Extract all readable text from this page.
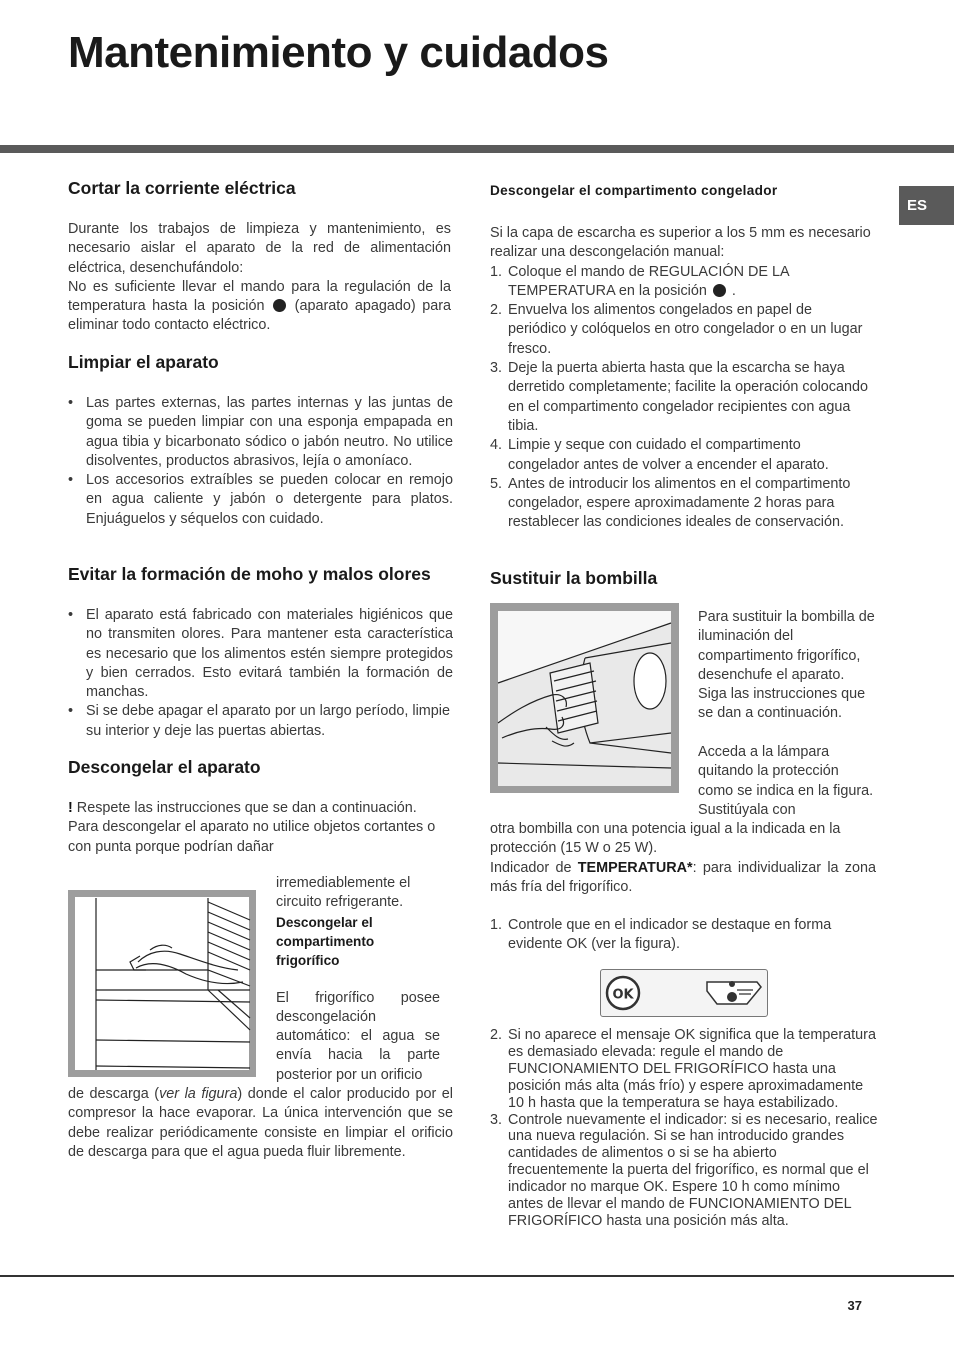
Mantenimiento y cuidados
ES
Cortar la corriente eléctrica

Durante los trabajos de limpieza y mantenimiento, es necesario aislar el aparato de la red de alimentación eléctrica, desenchufándolo:

No es suficiente llevar el mando para la regulación de la temperatura hasta la posición (aparato apagado) para eliminar todo contacto eléctrico.

Limpiar el aparato
• Las partes externas, las partes internas y las juntas de goma se pueden limpiar con una esponja empapada en agua tibia y bicarbonato sódico o jabón neutro. No utilice disolventes, productos abrasivos, lejía o amoníaco.
• Los accesorios extraíbles se pueden colocar en remojo en agua caliente y jabón o detergente para platos. Enjuáguelos y séquelos con cuidado.
Evitar la formación de moho y malos olores
• El aparato está fabricado con materiales higiénicos que no transmiten olores. Para mantener esta característica es necesario que los alimentos estén siempre protegidos y bien cerrados. Esto evitará también la formación de manchas.
• Si se debe apagar el aparato por un largo período, limpie su interior y deje las puertas abiertas.
Descongelar el aparato

! Respete las instrucciones que se dan a continuación.

Para descongelar el aparato no utilice objetos cortantes o con punta porque podrían dañar

irremediablemente el circuito refrigerante.

Descongelar el compartimento frigorífico

El frigorífico posee descongelación automático: el agua se envía hacia la parte posterior por un orificio

de descarga (ver la figura) donde el calor producido por el compresor la hace evaporar. La única intervención que se debe realizar periódicamente consiste en limpiar el orificio de descarga para que el agua pueda fluir libremente.

Descongelar el compartimento congelador

Si la capa de escarcha es superior a los 5 mm es necesario realizar una descongelación manual:

1. Coloque el mando de REGULACIÓN DE LA TEMPERATURA en la posición .
2. Envuelva los alimentos congelados en papel de periódico y colóquelos en otro congelador o en un lugar fresco.
3. Deje la puerta abierta hasta que la escarcha se haya derretido completamente; facilite la operación colocando en el compartimento congelador recipientes con agua tibia.
4. Limpie y seque con cuidado el compartimento congelador antes de volver a encender el aparato.
5. Antes de introducir los alimentos en el compartimento congelador, espere aproximadamente 2 horas para restablecer las condiciones ideales de conservación.
Sustituir la bombilla

Para sustituir la bombilla de iluminación del compartimento frigorífico, desenchufe el aparato. Siga las instrucciones que se dan a continuación.

Acceda a la lámpara quitando la protección como se indica en la figura. Sustitúyala con

otra bombilla con una potencia igual a la indicada en la protección (15 W o 25 W).

Indicador de TEMPERATURA*: para individualizar la zona más fría del frigorífico.

1. Controle que en el indicador se destaque en forma evidente OK (ver la figura).
OK
2. Si no aparece el mensaje OK significa que la temperatura es demasiado elevada: regule el mando de FUNCIONAMIENTO DEL FRIGORÍFICO hasta una posición más alta (más frío) y espere aproximadamente 10 h hasta que la temperatura se haya estabilizado.
3. Controle nuevamente el indicador: si es necesario, realice una nueva regulación. Si se han introducido grandes cantidades de alimentos o si se ha abierto frecuentemente la puerta del frigorífico, es normal que el indicador no marque OK. Espere 10 h como mínimo antes de llevar el mando de FUNCIONAMIENTO DEL FRIGORÍFICO hasta una posición más alta.
37
